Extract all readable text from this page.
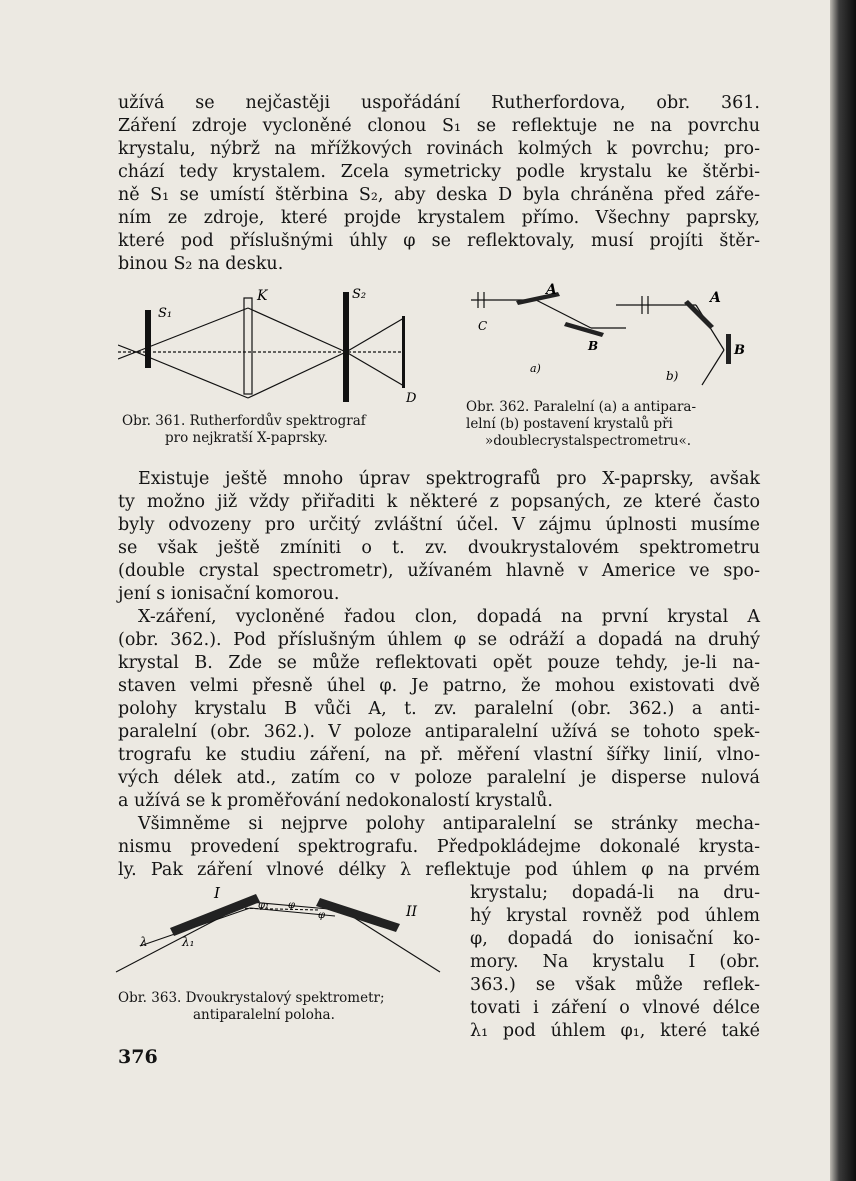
užívá se nejčastěji uspořádání Rutherfordova, obr. 361.
Záření zdroje vycloněné clonou S₁ se reflektuje ne na povrchu
krystalu, nýbrž na mřížkových rovinách kolmých k povrchu; pro-
chází tedy krystalem. Zcela symetricky podle krystalu ke štěrbi-
ně S₁ se umístí štěrbina S₂, aby deska D byla chráněna před záře-
ním ze zdroje, které projde krystalem přímo. Všechny paprsky,
které pod příslušnými úhly φ se reflektovaly, musí projíti štěr-
binou S₂ na desku.
S₁
K	S₂
D
A
C
B
a)
A
B
b)
Obr. 361. Rutherfordův spektrograf
pro nejkratší X-paprsky.
Obr. 362. Paralelní (a) a antipara-
lelní (b) postavení krystalů při
»doublecrystalspectrometru«.
Existuje ještě mnoho úprav spektrografů pro X-paprsky, avšak
ty možno již vždy přiřaditi k některé z popsaných, ze které často
byly odvozeny pro určitý zvláštní účel. V zájmu úplnosti musíme
se však ještě zmíniti o t. zv. dvoukrystalovém spektrometru
(double crystal spectrometr), užívaném hlavně v Americe ve spo-
jení s ionisační komorou.
X-záření, vycloněné řadou clon, dopadá na první krystal A
(obr. 362.). Pod příslušným úhlem φ se odráží a dopadá na druhý
krystal B. Zde se může reflektovati opět pouze tehdy, je-li na-
staven velmi přesně úhel φ. Je patrno, že mohou existovati dvě
polohy krystalu B vůči A, t. zv. paralelní (obr. 362.) a anti-
paralelní (obr. 362.). V poloze antiparalelní užívá se tohoto spek-
trografu ke studiu záření, na př. měření vlastní šířky linií, vlno-
vých délek atd., zatím co v poloze paralelní je disperse nulová
a užívá se k proměřování nedokonalostí krystalů.
Všimněme si nejprve polohy antiparalelní se stránky mecha-
nismu provedení spektrografu. Předpokládejme dokonalé krysta-
ly. Pak záření vlnové délky λ reflektuje pod úhlem φ na prvém
krystalu; dopadá-li na dru-
hý krystal rovněž pod úhlem
φ, dopadá do ionisační ko-
mory. Na krystalu I (obr.
363.) se však může reflek-
tovati i záření o vlnové délce
λ₁ pod úhlem φ₁, které také
I
II
λ	λ₁
φ₁ φ
φ
Obr. 363. Dvoukrystalový spektrometr;
antiparalelní poloha.
376
